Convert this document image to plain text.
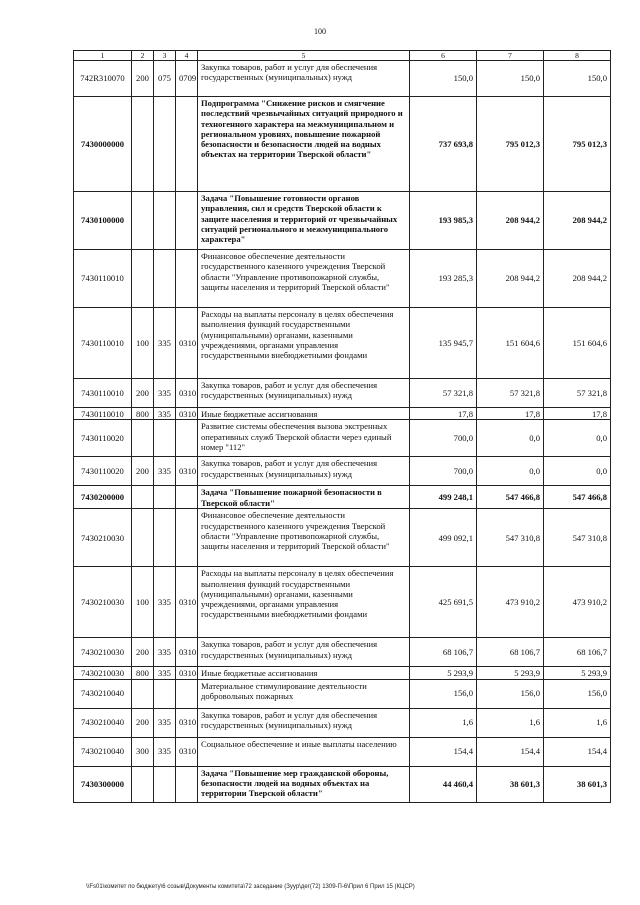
100
1	2	3	4	5	6	7	8
742R310070	200	075	0709	Закупка товаров, работ и услуг для обеспечения государственных (муниципальных) нужд	150,0	150,0	150,0
7430000000				Подпрограмма "Снижение рисков и смягчение последствий чрезвычайных ситуаций природного и техногенного характера на межмуниципальном и региональном уровнях, повышение пожарной безопасности и безопасности людей на водных объектах на территории Тверской области"	737 693,8	795 012,3	795 012,3
7430100000				Задача "Повышение готовности органов управления, сил и средств Тверской области к защите населения и территорий от чрезвычайных ситуаций регионального и межмуниципального характера"	193 985,3	208 944,2	208 944,2
7430110010				Финансовое обеспечение деятельности государственного казенного учреждения Тверской области "Управление противопожарной службы, защиты населения и территорий Тверской области"	193 285,3	208 944,2	208 944,2
7430110010	100	335	0310	Расходы на выплаты персоналу в целях обеспечения выполнения функций государственными (муниципальными) органами, казенными учреждениями, органами управления государственными внебюджетными фондами	135 945,7	151 604,6	151 604,6
7430110010	200	335	0310	Закупка товаров, работ и услуг для обеспечения государственных (муниципальных) нужд	57 321,8	57 321,8	57 321,8
7430110010	800	335	0310	Иные бюджетные ассигнования	17,8	17,8	17,8
7430110020				Развитие системы обеспечения вызова экстренных оперативных служб Тверской области через единый номер "112"	700,0	0,0	0,0
7430110020	200	335	0310	Закупка товаров, работ и услуг для обеспечения государственных (муниципальных) нужд	700,0	0,0	0,0
7430200000				Задача "Повышение пожарной безопасности в Тверской области"	499 248,1	547 466,8	547 466,8
7430210030				Финансовое обеспечение деятельности государственного казенного учреждения Тверской области "Управление противопожарной службы, защиты населения и территорий Тверской области"	499 092,1	547 310,8	547 310,8
7430210030	100	335	0310	Расходы на выплаты персоналу в целях обеспечения выполнения функций государственными (муниципальными) органами, казенными учреждениями, органами управления государственными внебюджетными фондами	425 691,5	473 910,2	473 910,2
7430210030	200	335	0310	Закупка товаров, работ и услуг для обеспечения государственных (муниципальных) нужд	68 106,7	68 106,7	68 106,7
7430210030	800	335	0310	Иные бюджетные ассигнования	5 293,9	5 293,9	5 293,9
7430210040				Материальное стимулирование деятельности добровольных пожарных	156,0	156,0	156,0
7430210040	200	335	0310	Закупка товаров, работ и услуг для обеспечения государственных (муниципальных) нужд	1,6	1,6	1,6
7430210040	300	335	0310	Социальное обеспечение и иные выплаты населению	154,4	154,4	154,4
7430300000				Задача "Повышение мер гражданской обороны, безопасности людей на водных объектах на территории Тверской области"	44 460,4	38 601,3	38 601,3
\\Fs01\комитет по бюджету\6 созыв\Документы комитета\72 заседание (Зуур\дег(72) 1309-П-6\Прил 6 Прил 15 (КЦСР)
